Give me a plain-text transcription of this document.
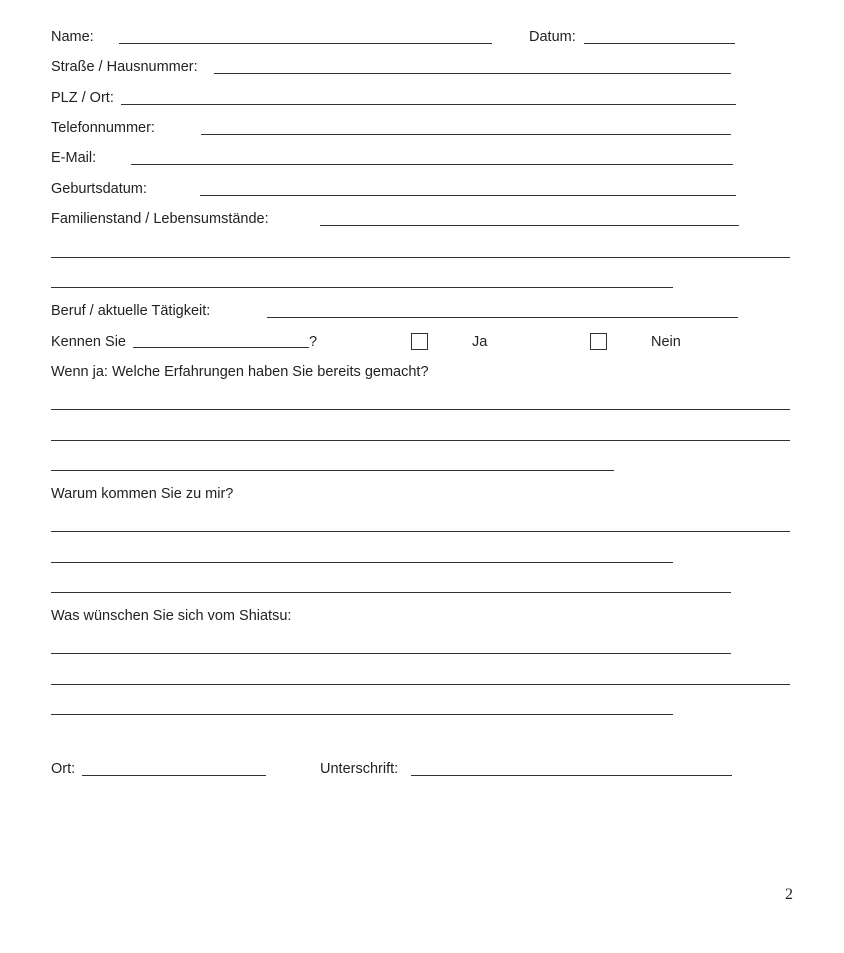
Name:	Datum:
Straße / Hausnummer:
PLZ / Ort:
Telefonnummer:
E-Mail:
Geburtsdatum:
Familienstand / Lebensumstände:
Beruf / aktuelle Tätigkeit:
Kennen Sie	?	Ja	Nein
Wenn ja: Welche Erfahrungen haben Sie bereits gemacht?
Warum kommen Sie zu mir?
Was wünschen Sie sich vom Shiatsu:
Ort:	Unterschrift:
2
